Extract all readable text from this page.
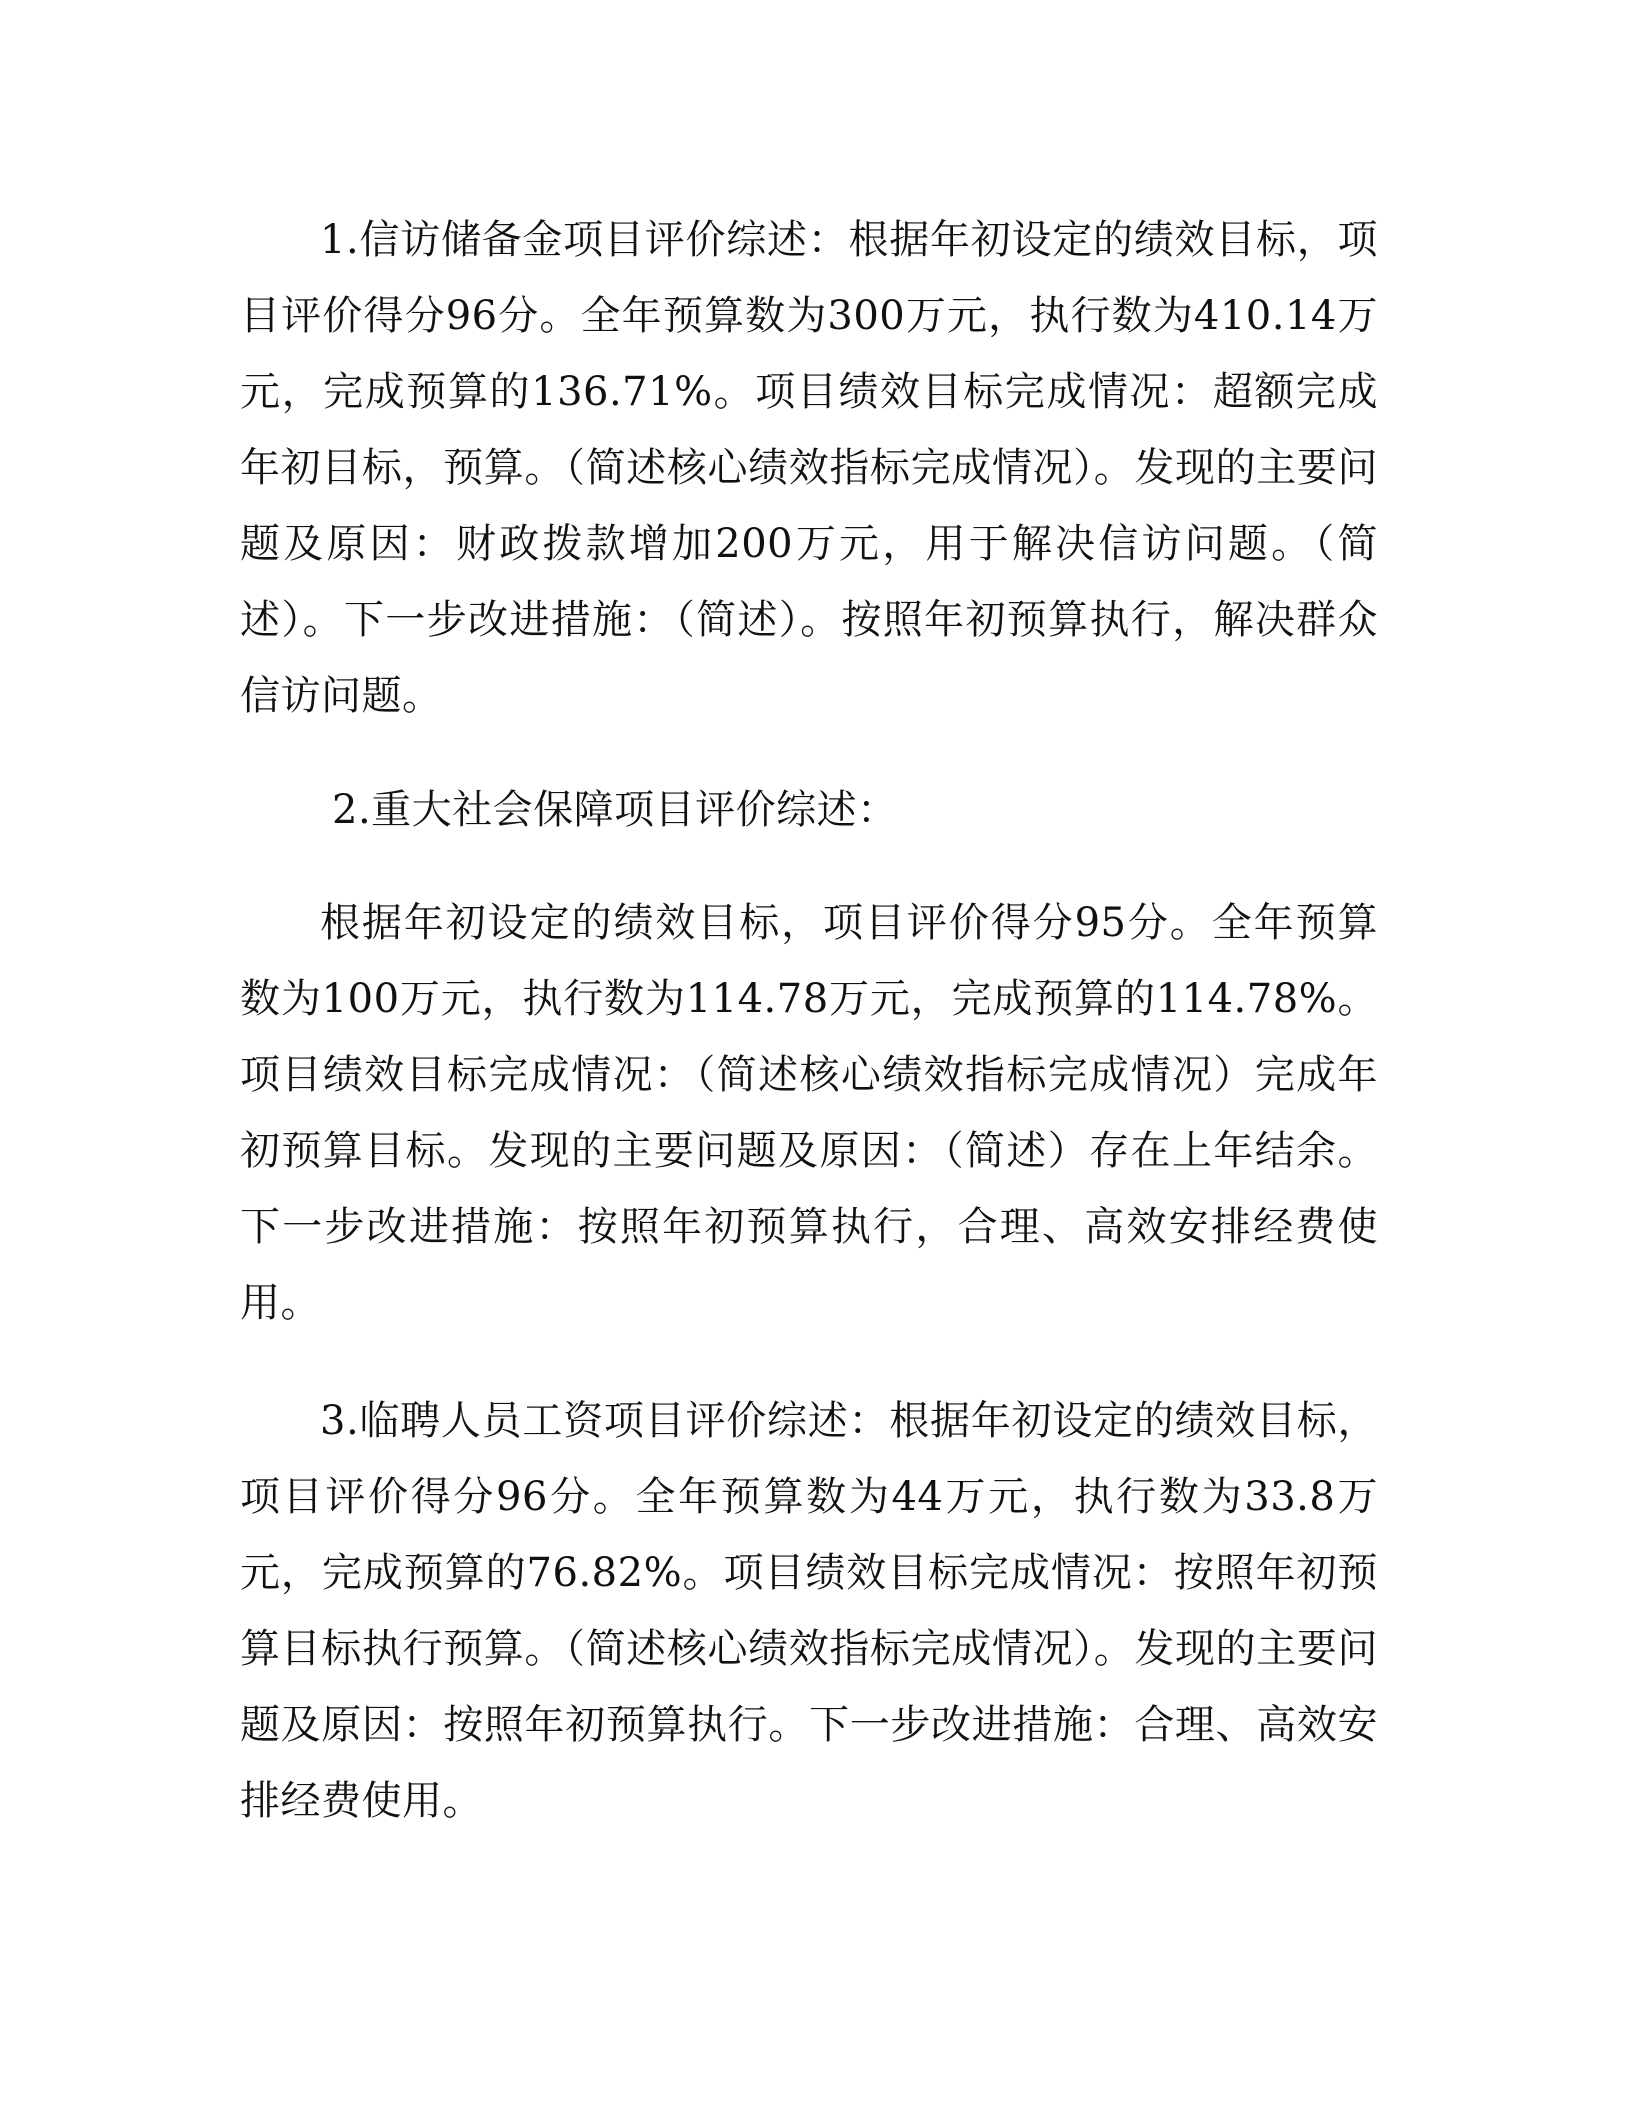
1.信访储备金项目评价综述：根据年初设定的绩效目标，项目评价得分96分。全年预算数为300万元，执行数为410.14万元，完成预算的136.71%。项目绩效目标完成情况：超额完成年初目标，预算。（简述核心绩效指标完成情况）。发现的主要问题及原因：财政拨款增加200万元，用于解决信访问题。（简述）。下一步改进措施：（简述）。按照年初预算执行，解决群众信访问题。

2.重大社会保障项目评价综述：

根据年初设定的绩效目标，项目评价得分95分。全年预算数为100万元，执行数为114.78万元，完成预算的114.78%。项目绩效目标完成情况：（简述核心绩效指标完成情况）完成年初预算目标。发现的主要问题及原因：（简述）存在上年结余。下一步改进措施：按照年初预算执行，合理、高效安排经费使用。

3.临聘人员工资项目评价综述：根据年初设定的绩效目标，项目评价得分96分。全年预算数为44万元，执行数为33.8万元，完成预算的76.82%。项目绩效目标完成情况：按照年初预算目标执行预算。（简述核心绩效指标完成情况）。发现的主要问题及原因：按照年初预算执行。下一步改进措施：合理、高效安排经费使用。
